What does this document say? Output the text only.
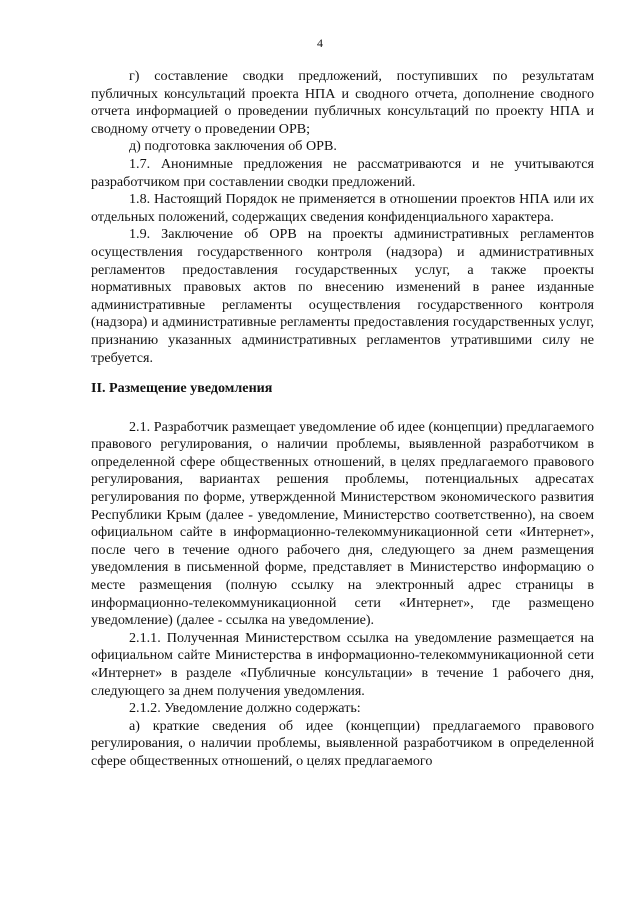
4

г) составление сводки предложений, поступивших по результатам публичных консультаций проекта НПА и сводного отчета, дополнение сводного отчета информацией о проведении публичных консультаций по проекту НПА и сводному отчету о проведении ОРВ;

д) подготовка заключения об ОРВ.

1.7. Анонимные предложения не рассматриваются и не учитываются разработчиком при составлении сводки предложений.

1.8. Настоящий Порядок не применяется в отношении проектов НПА или их отдельных положений, содержащих сведения конфиденциального характера.

1.9. Заключение об ОРВ на проекты административных регламентов осуществления государственного контроля (надзора) и административных регламентов предоставления государственных услуг, а также проекты нормативных правовых актов по внесению изменений в ранее изданные административные регламенты осуществления государственного контроля (надзора) и административные регламенты предоставления государственных услуг, признанию указанных административных регламентов утратившими силу не требуется.

II. Размещение уведомления

2.1. Разработчик размещает уведомление об идее (концепции) предлагаемого правового регулирования, о наличии проблемы, выявленной разработчиком в определенной сфере общественных отношений, в целях предлагаемого правового регулирования, вариантах решения проблемы, потенциальных адресатах регулирования по форме, утвержденной Министерством экономического развития Республики Крым (далее - уведомление, Министерство соответственно), на своем официальном сайте в информационно-телекоммуникационной сети «Интернет», после чего в течение одного рабочего дня, следующего за днем размещения уведомления в письменной форме, представляет в Министерство информацию о месте размещения (полную ссылку на электронный адрес страницы в информационно-телекоммуникационной сети «Интернет», где размещено уведомление) (далее - ссылка на уведомление).

2.1.1. Полученная Министерством ссылка на уведомление размещается на официальном сайте Министерства в информационно-телекоммуникационной сети «Интернет» в разделе «Публичные консультации» в течение 1 рабочего дня, следующего за днем получения уведомления.

2.1.2. Уведомление должно содержать:

а) краткие сведения об идее (концепции) предлагаемого правового регулирования, о наличии проблемы, выявленной разработчиком в определенной сфере общественных отношений, о целях предлагаемого
